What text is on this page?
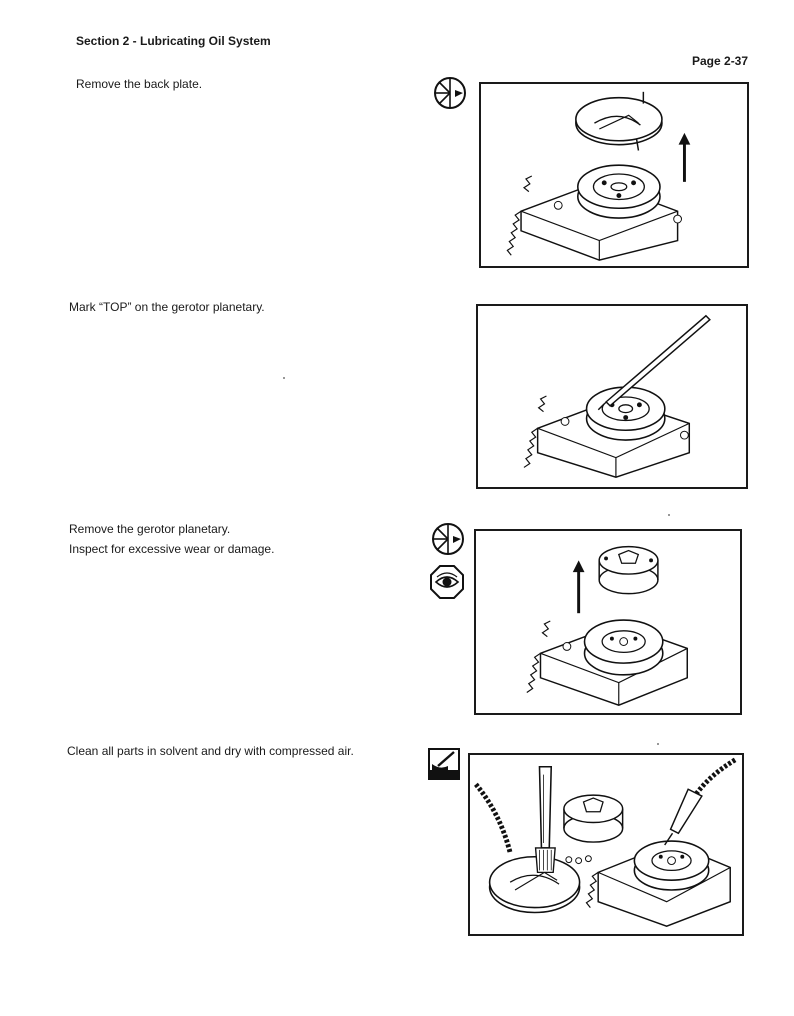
Section 2 - Lubricating Oil System
Page 2-37
Remove the back plate.
Mark “TOP” on the gerotor planetary.
Remove the gerotor planetary.
Inspect for excessive wear or damage.
Clean all parts in solvent and dry with compressed air.
